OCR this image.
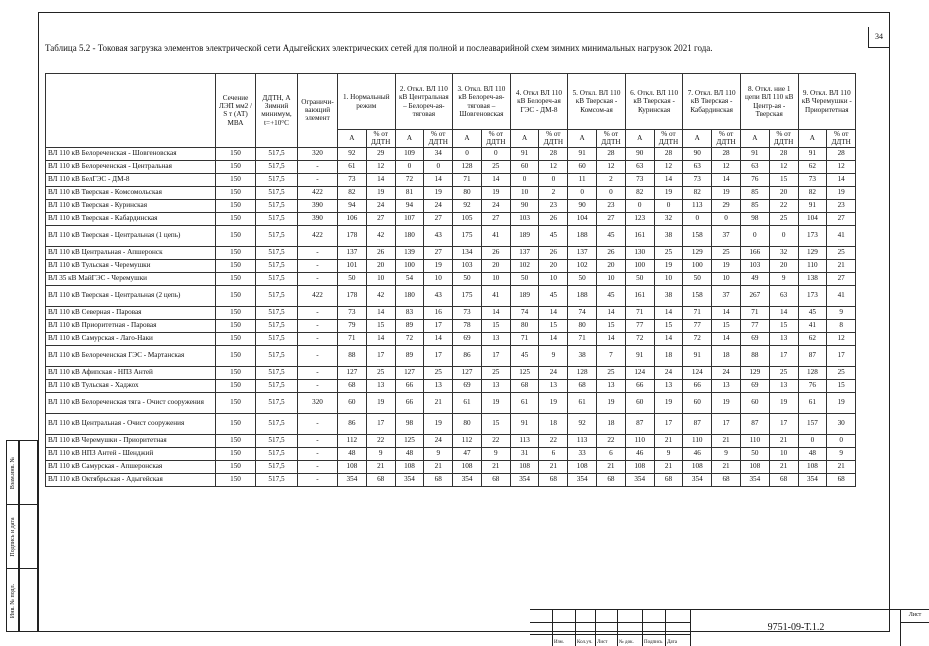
34
Таблица 5.2 - Токовая загрузка элементов электрической сети Адыгейских электрических сетей для полной и послеаварийной схем зимних минимальных нагрузок 2021 года.
	Сечение ЛЭП мм2 / S т (АТ) МВА	ДДТН, А Зимний минимум, t=+10°С	Ограничи-вающий элемент	1. Нормальный режим		2. Откл. ВЛ 110 кВ Центральная – Белореч-ая-тяговая		3. Откл. ВЛ 110 кВ Белореч-ая-тяговая – Шовгеновская		4. Откл ВЛ 110 кВ Белореч-ая ГЭС - ДМ-8		5. Откл. ВЛ 110 кВ Тверская - Комсом-ая		6. Откл. ВЛ 110 кВ Тверская - Куринская		7. Откл. ВЛ 110 кВ Тверская - Кабардинская		8. Откл. ние 1 цепи ВЛ 110 кВ Центр-ая - Тверская		9. Откл. ВЛ 110 кВ Черемушки - Приоритетная	
				А	% от ДДТН	А	% от ДДТН	А	% от ДДТН	А	% от ДДТН	А	% от ДДТН	А	% от ДДТН	А	% от ДДТН	А	% от ДДТН	А	% от ДДТН
ВЛ 110 кВ Белореченская - Шовгеновская	150	517,5	320	92	29	109	34	0	0	91	28	91	28	90	28	90	28	91	28	91	28
ВЛ 110 кВ Белореченская - Центральная	150	517,5	-	61	12	0	0	128	25	60	12	60	12	63	12	63	12	63	12	62	12
ВЛ 110 кВ БелГЭС - ДМ-8	150	517,5	-	73	14	72	14	71	14	0	0	11	2	73	14	73	14	76	15	73	14
ВЛ 110 кВ Тверская - Комсомольская	150	517,5	422	82	19	81	19	80	19	10	2	0	0	82	19	82	19	85	20	82	19
ВЛ 110 кВ Тверская - Куринская	150	517,5	390	94	24	94	24	92	24	90	23	90	23	0	0	113	29	85	22	91	23
ВЛ 110 кВ Тверская - Кабардинская	150	517,5	390	106	27	107	27	105	27	103	26	104	27	123	32	0	0	98	25	104	27
ВЛ 110 кВ Тверская - Центральная (1 цепь)	150	517,5	422	178	42	180	43	175	41	189	45	188	45	161	38	158	37	0	0	173	41
ВЛ 110 кВ Центральная - Апшеронск	150	517,5	-	137	26	139	27	134	26	137	26	137	26	130	25	129	25	166	32	129	25
ВЛ 110 кВ Тульская - Черемушки	150	517,5	-	101	20	100	19	103	20	102	20	102	20	100	19	100	19	103	20	110	21
ВЛ 35 кВ МайГЭС - Черемушки	150	517,5	-	50	10	54	10	50	10	50	10	50	10	50	10	50	10	49	9	138	27
ВЛ 110 кВ Тверская - Центральная (2 цепь)	150	517,5	422	178	42	180	43	175	41	189	45	188	45	161	38	158	37	267	63	173	41
ВЛ 110 кВ Северная - Паровая	150	517,5	-	73	14	83	16	73	14	74	14	74	14	71	14	71	14	71	14	45	9
ВЛ 110 кВ Приоритетная - Паровая	150	517,5	-	79	15	89	17	78	15	80	15	80	15	77	15	77	15	77	15	41	8
ВЛ 110 кВ Самурская - Лаго-Наки	150	517,5	-	71	14	72	14	69	13	71	14	71	14	72	14	72	14	69	13	62	12
ВЛ 110 кВ Белореченская ГЭС - Мартанская	150	517,5	-	88	17	89	17	86	17	45	9	38	7	91	18	91	18	88	17	87	17
ВЛ 110 кВ Афипская - НПЗ Антей	150	517,5	-	127	25	127	25	127	25	125	24	128	25	124	24	124	24	129	25	128	25
ВЛ 110 кВ Тульская - Хаджох	150	517,5	-	68	13	66	13	69	13	68	13	68	13	66	13	66	13	69	13	76	15
ВЛ 110 кВ Белореченская тяга - Очист сооружения	150	517,5	320	60	19	66	21	61	19	61	19	61	19	60	19	60	19	60	19	61	19
ВЛ 110 кВ Центральная - Очист сооружения	150	517,5	-	86	17	98	19	80	15	91	18	92	18	87	17	87	17	87	17	157	30
ВЛ 110 кВ Черемушки - Приоритетная	150	517,5	-	112	22	125	24	112	22	113	22	113	22	110	21	110	21	110	21	0	0
ВЛ 110 кВ НПЗ Антей - Шенджий	150	517,5	-	48	9	48	9	47	9	31	6	33	6	46	9	46	9	50	10	48	9
ВЛ 110 кВ Самурская - Апшеронская	150	517,5	-	108	21	108	21	108	21	108	21	108	21	108	21	108	21	108	21	108	21
ВЛ 110 кВ Октябрьская - Адыгейская	150	517,5	-	354	68	354	68	354	68	354	68	354	68	354	68	354	68	354	68	354	68
Изм.	Кол.уч. Лист № док. Подпись Дата
9751-09-Т.1.2
Лист
Взам.инв. №
Подпись и дата
Инв. № подл.
